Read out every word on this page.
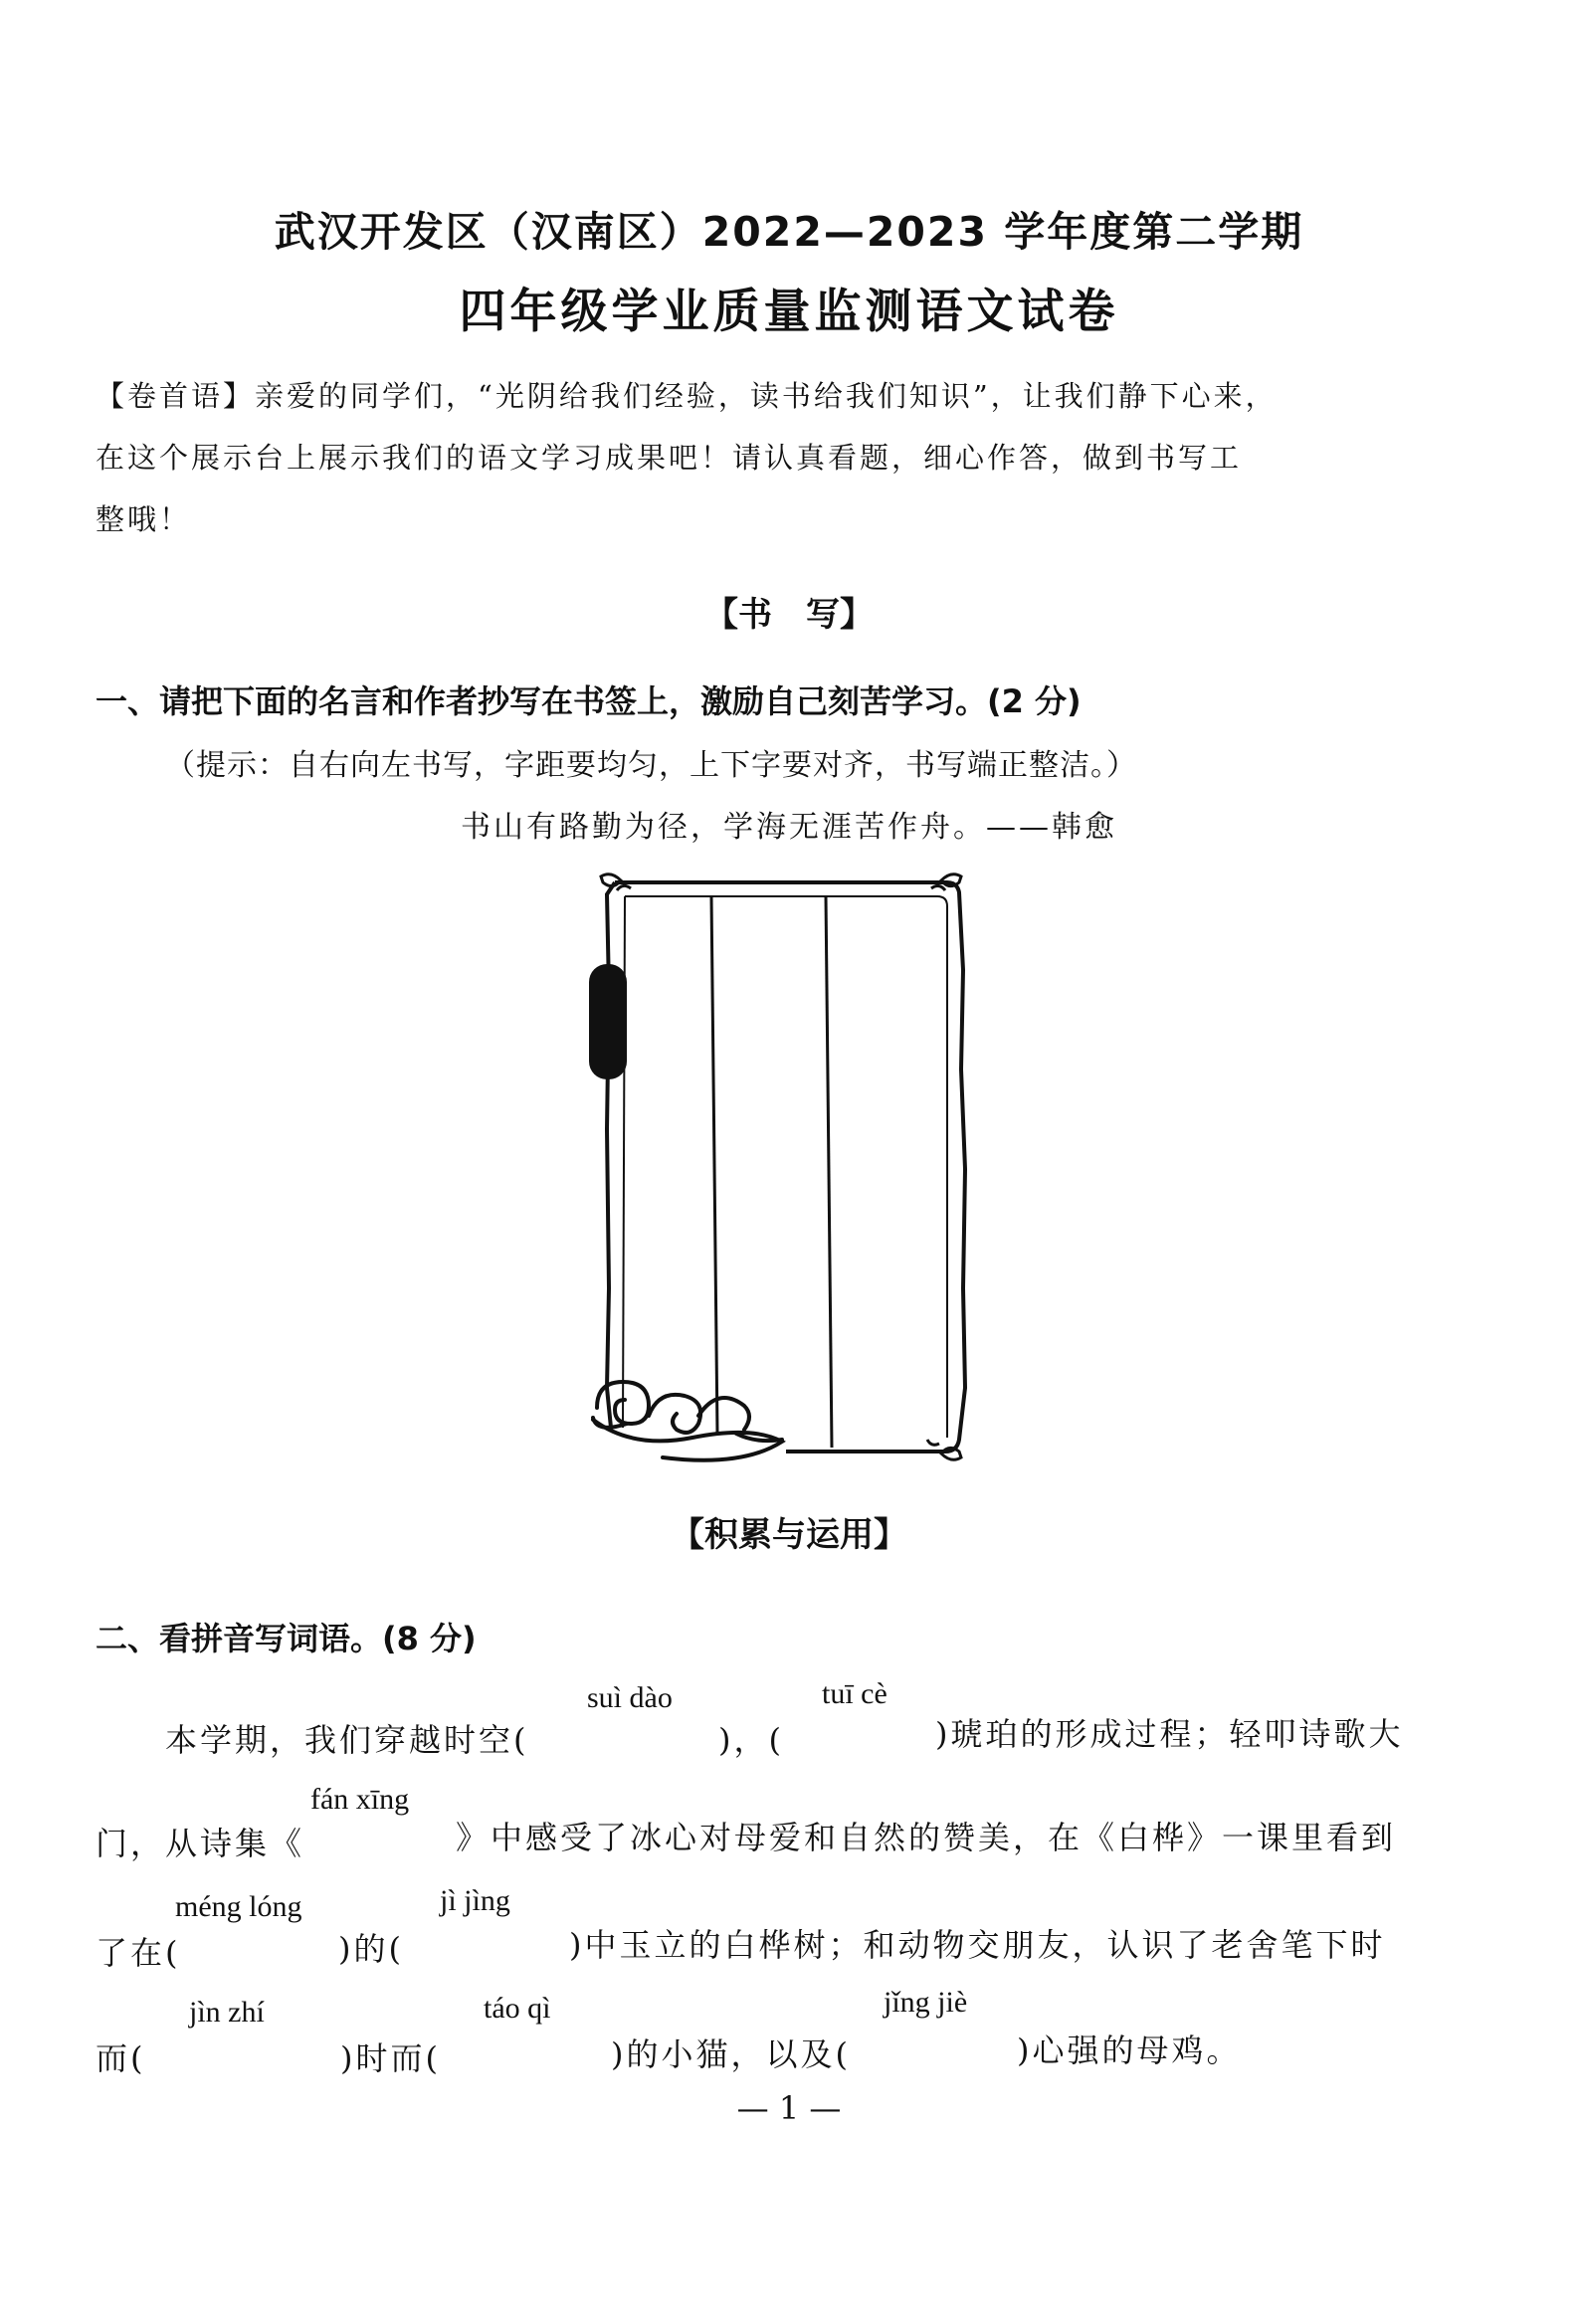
武汉开发区（汉南区）2022—2023 学年度第二学期
四年级学业质量监测语文试卷
【卷首语】亲爱的同学们，“光阴给我们经验，读书给我们知识”，让我们静下心来，
在这个展示台上展示我们的语文学习成果吧！请认真看题，细心作答，做到书写工
整哦！
【书　写】
一、请把下面的名言和作者抄写在书签上，激励自己刻苦学习。(2 分)
（提示：自右向左书写，字距要均匀，上下字要对齐，书写端正整洁。）
书山有路勤为径，学海无涯苦作舟。——韩愈
【积累与运用】
二、看拼音写词语。(8 分)
suì dào	tuī cè
本学期，我们穿越时空(	)，(	)琥珀的形成过程；轻叩诗歌大
fán xīng
门，从诗集《	》中感受了冰心对母爱和自然的赞美，在《白桦》一课里看到
méng lóng	jì jìng
了在(	)的(	)中玉立的白桦树；和动物交朋友，认识了老舍笔下时
jìn zhí	táo qì	jǐng jiè
而(	)时而(	)的小猫，以及(	)心强的母鸡。
— 1 —
